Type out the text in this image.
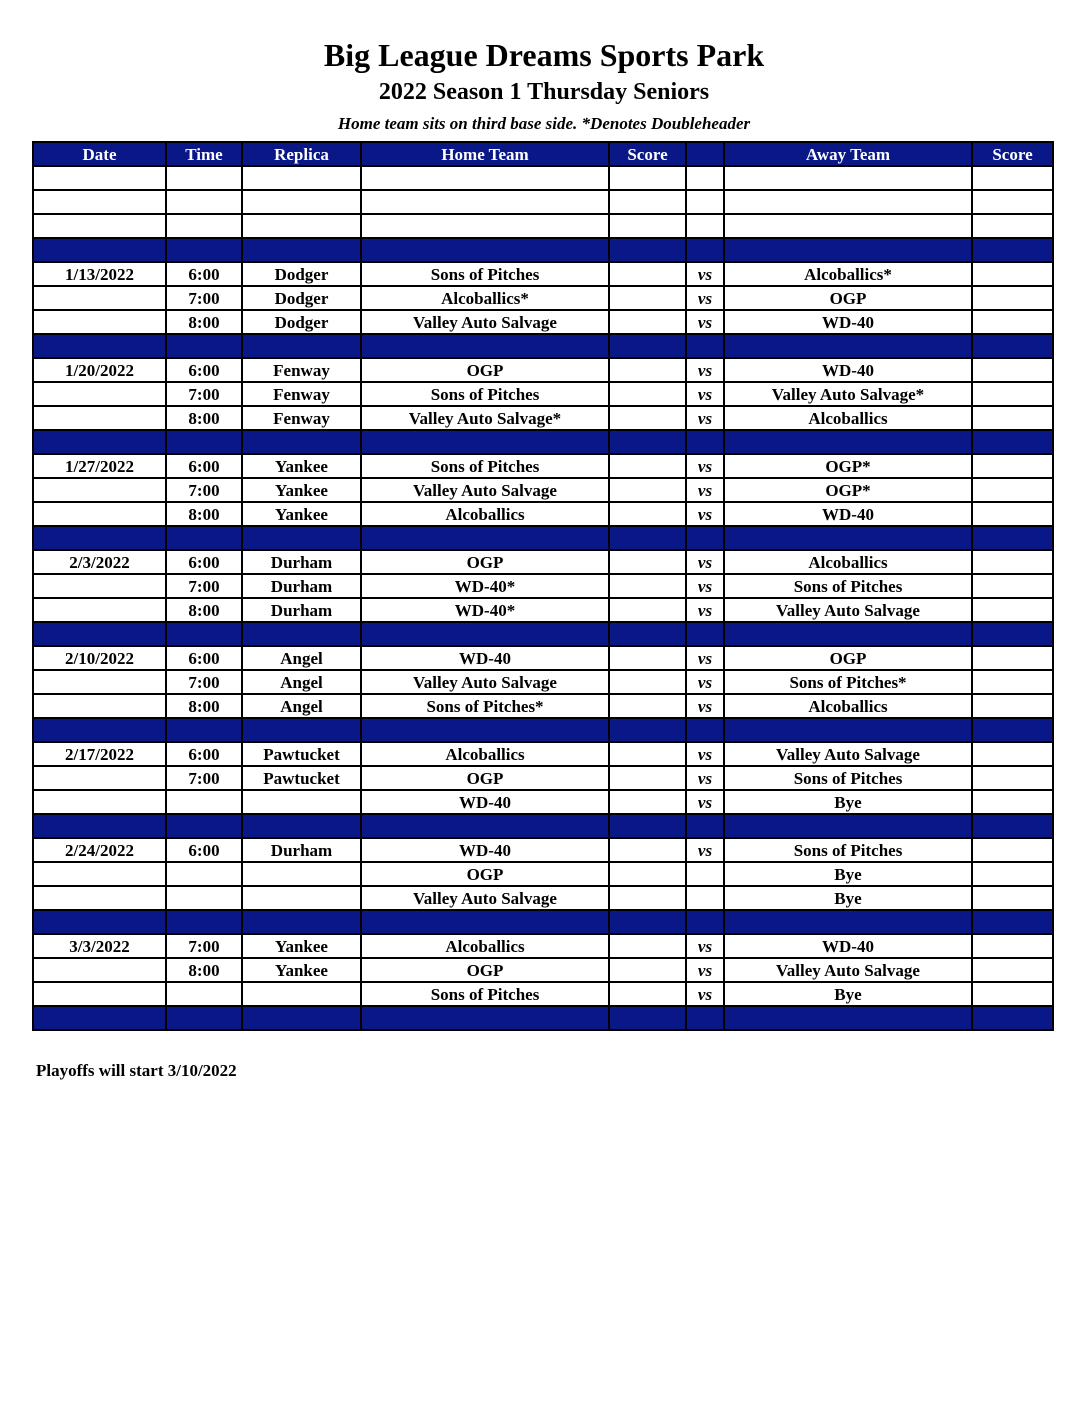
Big League Dreams Sports Park
2022 Season 1 Thursday Seniors
Home team sits on third base side. *Denotes Doubleheader
Date	Time	Replica	Home Team	Score		Away Team	Score

1/13/2022	6:00	Dodger	Sons of Pitches		vs	Alcoballics*	
	7:00	Dodger	Alcoballics*		vs	OGP	
	8:00	Dodger	Valley Auto Salvage		vs	WD-40	

1/20/2022	6:00	Fenway	OGP		vs	WD-40	
	7:00	Fenway	Sons of Pitches		vs	Valley Auto Salvage*	
	8:00	Fenway	Valley Auto Salvage*		vs	Alcoballics	

1/27/2022	6:00	Yankee	Sons of Pitches		vs	OGP*	
	7:00	Yankee	Valley Auto Salvage		vs	OGP*	
	8:00	Yankee	Alcoballics		vs	WD-40	

2/3/2022	6:00	Durham	OGP		vs	Alcoballics	
	7:00	Durham	WD-40*		vs	Sons of Pitches	
	8:00	Durham	WD-40*		vs	Valley Auto Salvage	

2/10/2022	6:00	Angel	WD-40		vs	OGP	
	7:00	Angel	Valley Auto Salvage		vs	Sons of Pitches*	
	8:00	Angel	Sons of Pitches*		vs	Alcoballics	

2/17/2022	6:00	Pawtucket	Alcoballics		vs	Valley Auto Salvage	
	7:00	Pawtucket	OGP		vs	Sons of Pitches	
			WD-40		vs	Bye	

2/24/2022	6:00	Durham	WD-40		vs	Sons of Pitches	
			OGP			Bye	
			Valley Auto Salvage			Bye	

3/3/2022	7:00	Yankee	Alcoballics		vs	WD-40	
	8:00	Yankee	OGP		vs	Valley Auto Salvage	
			Sons of Pitches		vs	Bye	

Playoffs will start 3/10/2022
